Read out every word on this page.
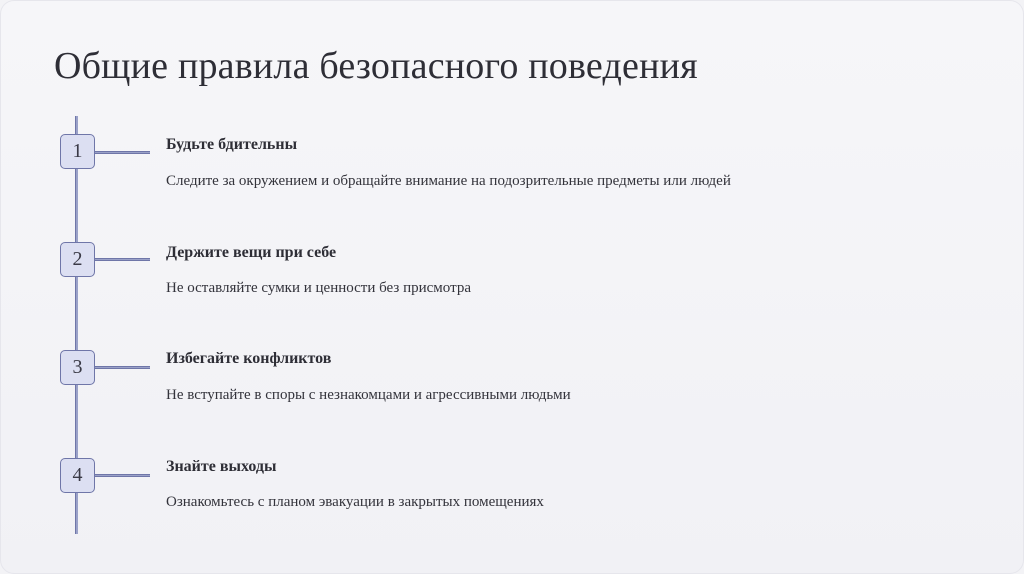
Общие правила безопасного поведения
1	Будьте бдительны
Следите за окружением и обращайте внимание на подозрительные предметы или людей
2	Держите вещи при себе
Не оставляйте сумки и ценности без присмотра
3	Избегайте конфликтов
Не вступайте в споры с незнакомцами и агрессивными людьми
4	Знайте выходы
Ознакомьтесь с планом эвакуации в закрытых помещениях
